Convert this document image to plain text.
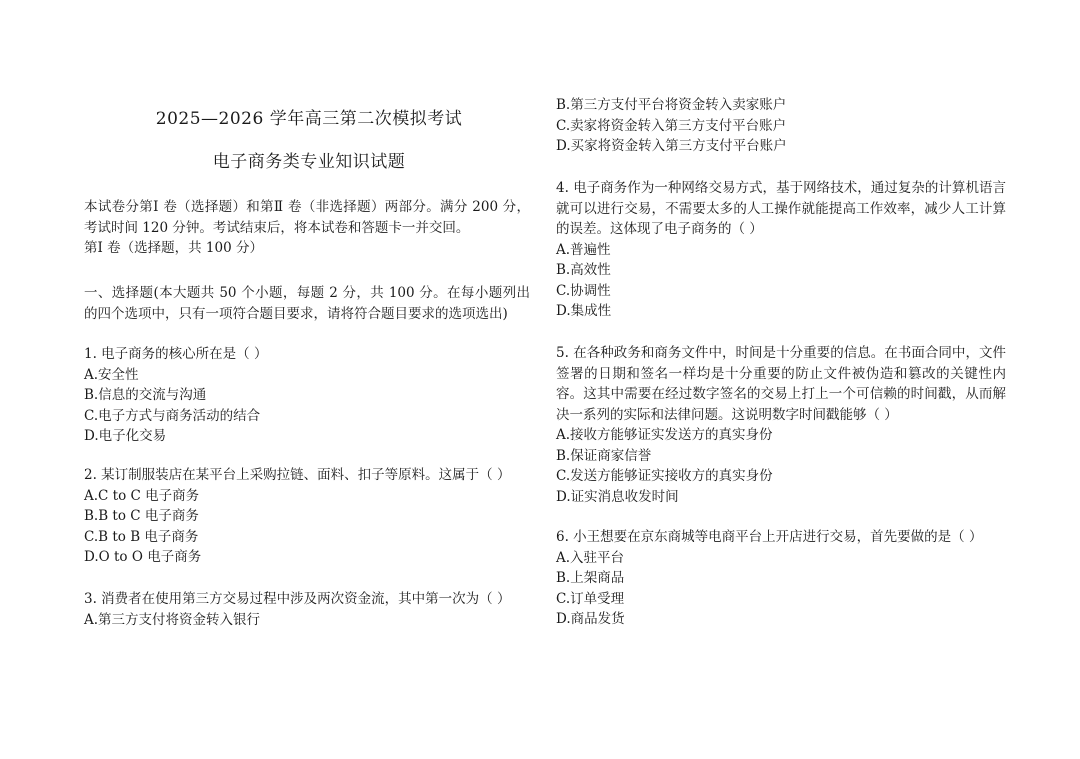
2025—2026 学年高三第二次模拟考试
电子商务类专业知识试题

本试卷分第Ⅰ 卷（选择题）和第Ⅱ 卷（非选择题）两部分。满分 200 分，考试时间 120 分钟。考试结束后，将本试卷和答题卡一并交回。

第Ⅰ 卷（选择题，共 100 分）

一、选择题(本大题共 50 个小题，每题 2 分，共 100 分。在每小题列出的四个选项中，只有一项符合题目要求，请将符合题目要求的选项选出)

1. 电子商务的核心所在是（ ）

A.安全性

B.信息的交流与沟通

C.电子方式与商务活动的结合

D.电子化交易

2. 某订制服装店在某平台上采购拉链、面料、扣子等原料。这属于（ ）

A.C to C 电子商务

B.B to C 电子商务

C.B to B 电子商务

D.O to O 电子商务

3. 消费者在使用第三方交易过程中涉及两次资金流，其中第一次为（ ）

A.第三方支付将资金转入银行

B.第三方支付平台将资金转入卖家账户

C.卖家将资金转入第三方支付平台账户

D.买家将资金转入第三方支付平台账户

4. 电子商务作为一种网络交易方式，基于网络技术，通过复杂的计算机语言就可以进行交易，不需要太多的人工操作就能提高工作效率，减少人工计算的误差。这体现了电子商务的（ ）

A.普遍性

B.高效性

C.协调性

D.集成性

5. 在各种政务和商务文件中，时间是十分重要的信息。在书面合同中，文件签署的日期和签名一样均是十分重要的防止文件被伪造和篡改的关键性内容。这其中需要在经过数字签名的交易上打上一个可信赖的时间戳，从而解决一系列的实际和法律问题。这说明数字时间戳能够（ ）

A.接收方能够证实发送方的真实身份

B.保证商家信誉

C.发送方能够证实接收方的真实身份

D.证实消息收发时间

6. 小王想要在京东商城等电商平台上开店进行交易，首先要做的是（ ）

A.入驻平台

B.上架商品

C.订单受理

D.商品发货
